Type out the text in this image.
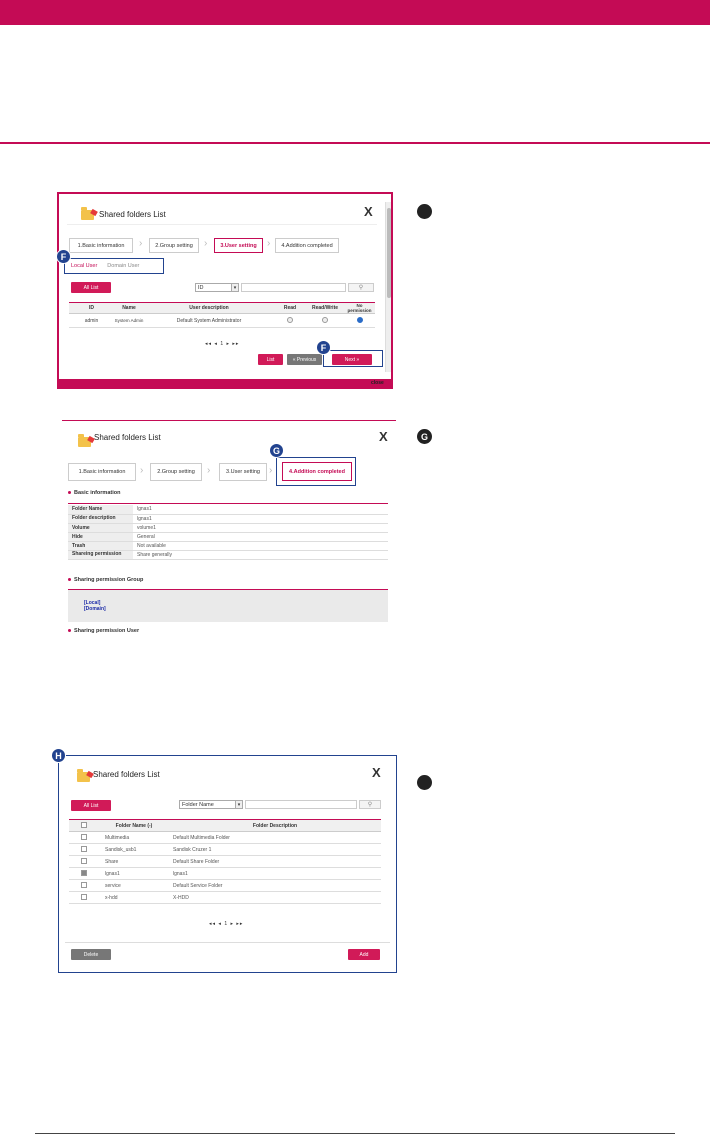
Shared folders List	X
1.Basic information	›	2.Group setting	›	3.User setting	›	4.Addition completed
Local User Domain User
F
All List	ID	▾	⚲
ID	Name	User description	Read	Read/Write	No permission
admin	System Admin	Default System Administrator			
◂◂ ◂ 1 ▸ ▸▸
List	« Previous	Next »
F
close
Shared folders List	X
1.Basic information	›	2.Group setting	›	3.User setting ›	4.Addition completed
G
Basic information
Folder Name	lgnas1
Folder description	lgnas1
Volume	volume1
Hide	General
Trash	Not available
Shareing permission	Share generally
Sharing permission Group
[Local]
[Domain]
Sharing permission User
G
Shared folders List	X
H
All List	Folder Name	▾	⚲
	Folder Name (-)	Folder Description
	Multimedia	Default Multimedia Folder
	Sandisk_usb1	Sandisk Cruzer 1
	Share	Default Share Folder
	lgnas1	lgnas1
	service	Default Service Folder
	x-hdd	X-HDD
◂◂ ◂ 1 ▸ ▸▸
Delete	Add
